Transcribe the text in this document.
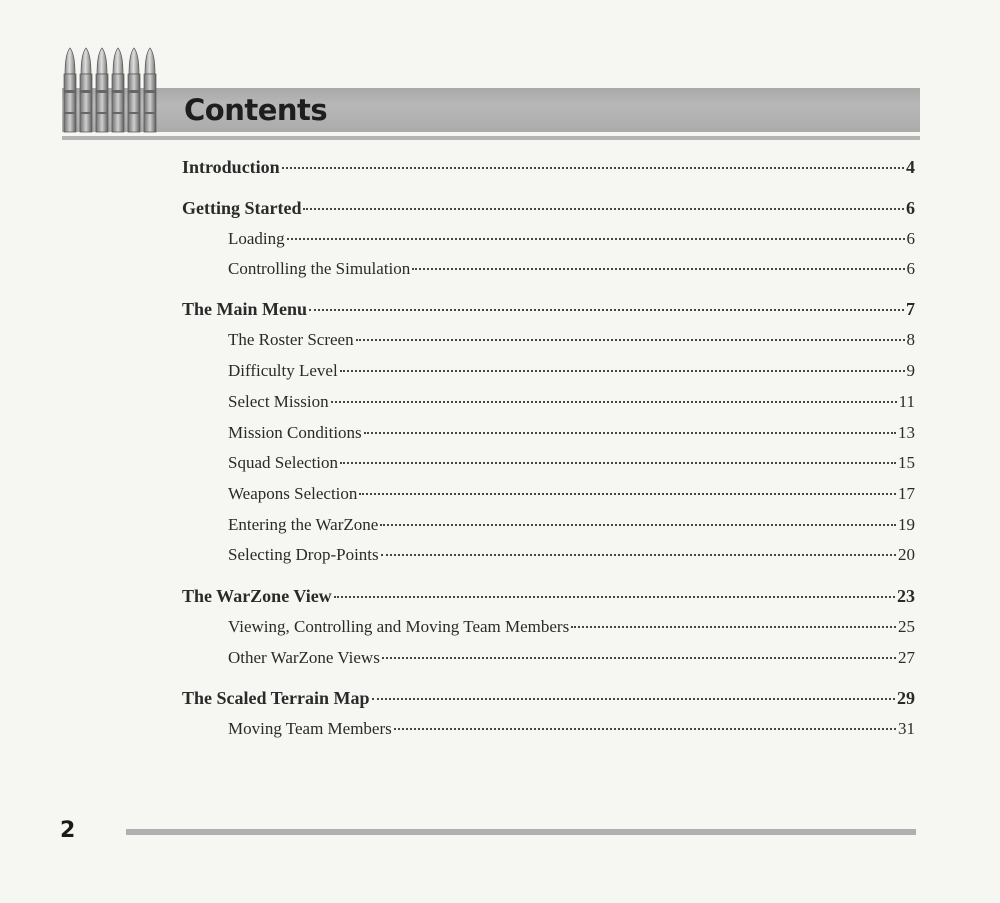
Contents
Introduction	4
Getting Started	6
Loading	6
Controlling the Simulation	6
The Main Menu	7
The Roster Screen	8
Difficulty Level	9
Select Mission	11
Mission Conditions	13
Squad Selection	15
Weapons Selection	17
Entering the WarZone	19
Selecting Drop-Points	20
The WarZone View	23
Viewing, Controlling and Moving Team Members	25
Other WarZone Views	27
The Scaled Terrain Map	29
Moving Team Members	31
2
